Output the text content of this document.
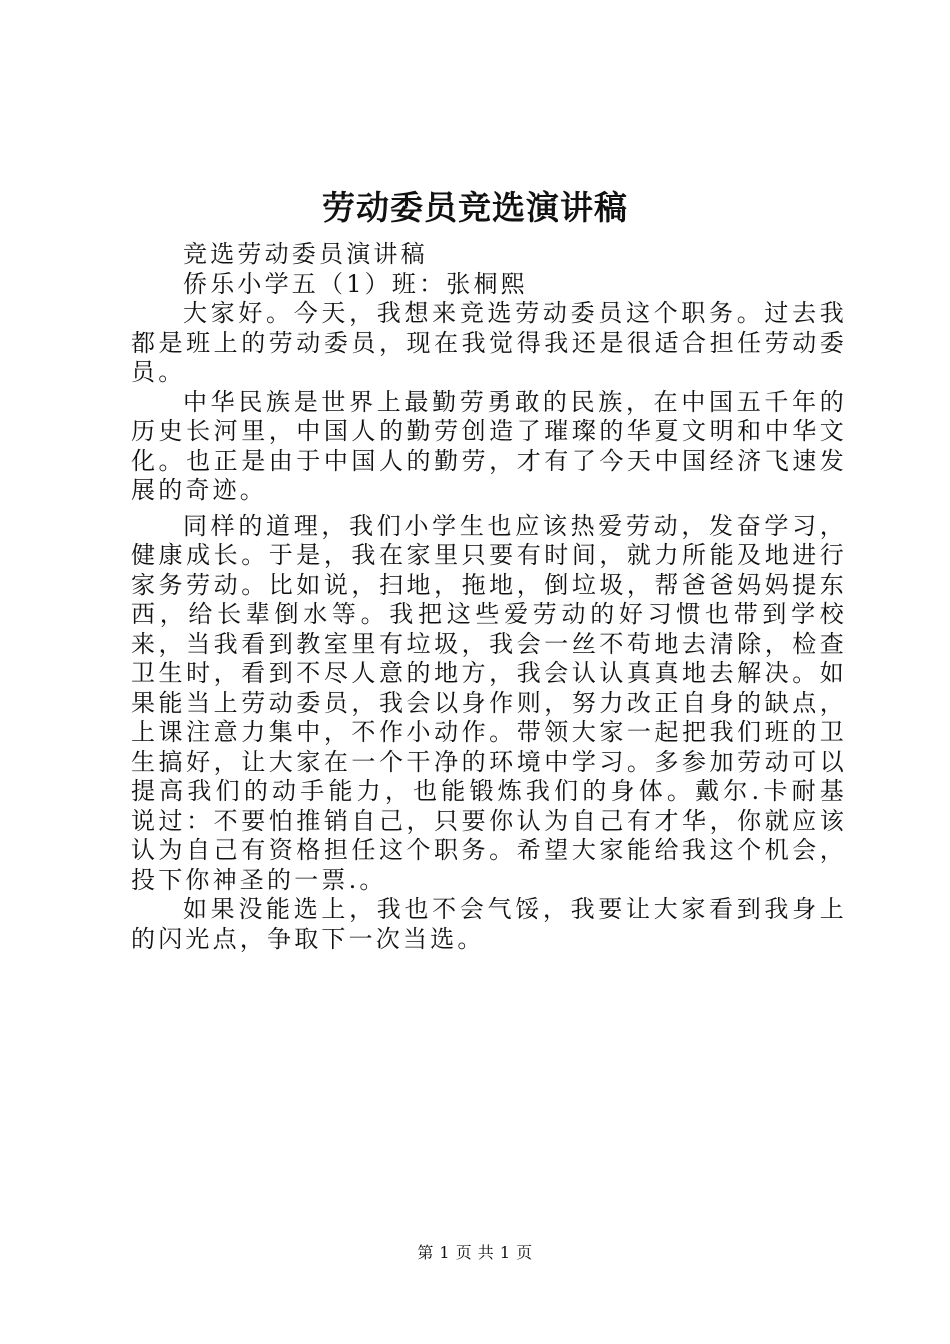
劳动委员竞选演讲稿

竞选劳动委员演讲稿

侨乐小学五（1）班：张桐熙

大家好。今天，我想来竞选劳动委员这个职务。过去我都是班上的劳动委员，现在我觉得我还是很适合担任劳动委员。

中华民族是世界上最勤劳勇敢的民族，在中国五千年的历史长河里，中国人的勤劳创造了璀璨的华夏文明和中华文化。也正是由于中国人的勤劳，才有了今天中国经济飞速发展的奇迹。

同样的道理，我们小学生也应该热爱劳动，发奋学习，健康成长。于是，我在家里只要有时间，就力所能及地进行家务劳动。比如说，扫地，拖地，倒垃圾，帮爸爸妈妈提东西，给长辈倒水等。我把这些爱劳动的好习惯也带到学校来，当我看到教室里有垃圾，我会一丝不苟地去清除，检查卫生时，看到不尽人意的地方，我会认认真真地去解决。如果能当上劳动委员，我会以身作则，努力改正自身的缺点，上课注意力集中，不作小动作。带领大家一起把我们班的卫生搞好，让大家在一个干净的环境中学习。多参加劳动可以提高我们的动手能力，也能锻炼我们的身体。戴尔.卡耐基说过：不要怕推销自己，只要你认为自己有才华，你就应该认为自己有资格担任这个职务。希望大家能给我这个机会，投下你神圣的一票.。

如果没能选上，我也不会气馁，我要让大家看到我身上的闪光点，争取下一次当选。

第 1 页 共 1 页
